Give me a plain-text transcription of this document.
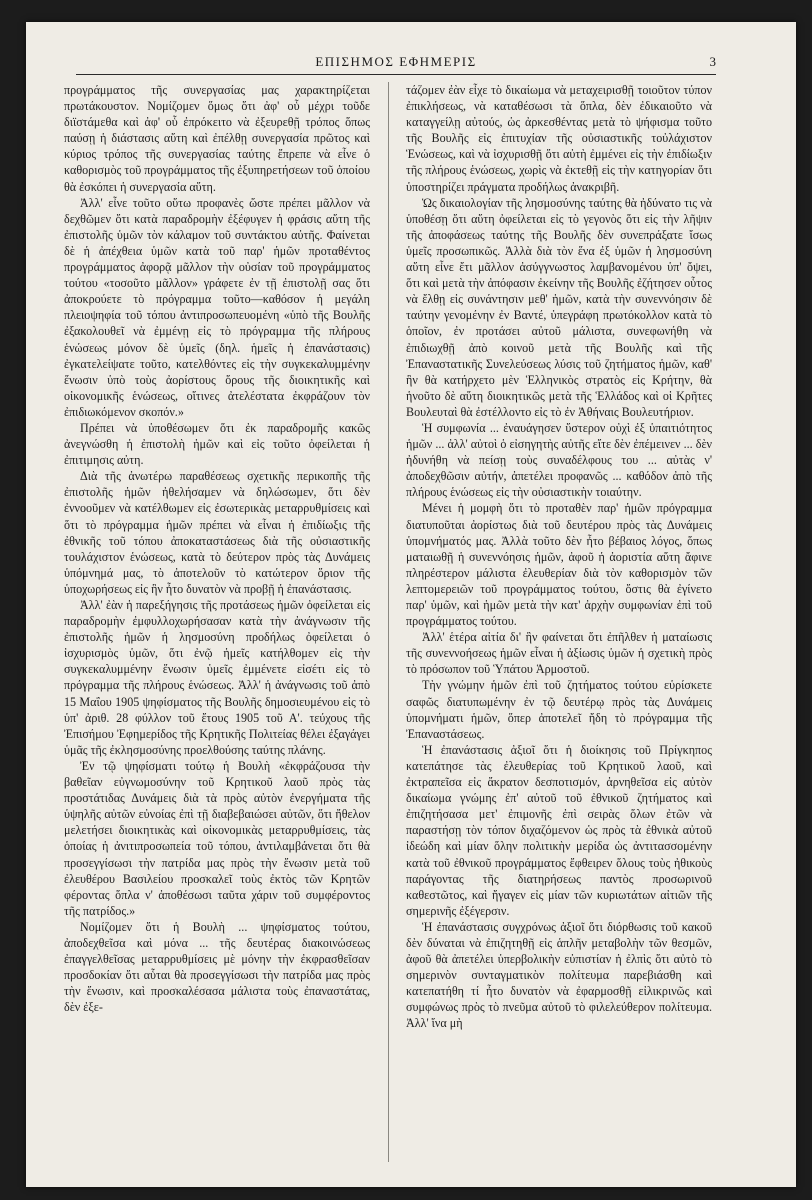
ΕΠΙΣΗΜΟΣ ΕΦΗΜΕΡΙΣ	3

προγράμματος τῆς συνεργασίας μας χαρακτηρίζεται πρωτάκουστον. Νομίζομεν ὅμως ὅτι ἀφ' οὗ μέχρι τοῦδε διϊστάμεθα καὶ ἀφ' οὗ ἐπρόκειτο νὰ ἐξευρεθῇ τρόπος ὅπως παύσῃ ἡ διάστασις αὕτη καὶ ἐπέλθῃ συνεργασία πρῶτος καὶ κύριος τρόπος τῆς συνεργασίας ταύτης ἔπρεπε νὰ εἶνε ὁ καθορισμὸς τοῦ προγράμματος τῆς ἐξυπηρετήσεων τοῦ ὁποίου θὰ ἐσκόπει ἡ συνεργασία αὕτη.

Ἀλλ' εἶνε τοῦτο οὕτω προφανὲς ὥστε πρέπει μᾶλλον νὰ δεχθῶμεν ὅτι κατὰ παραδρομὴν ἐξέφυγεν ἡ φράσις αὕτη τῆς ἐπιστολῆς ὑμῶν τὸν κάλαμον τοῦ συντάκτου αὐτῆς. Φαίνεται δὲ ἡ ἀπέχθεια ὑμῶν κατὰ τοῦ παρ' ἡμῶν προταθέντος προγράμματος ἀφορᾷ μᾶλλον τὴν οὐσίαν τοῦ προγράμματος τούτου «τοσοῦτο μᾶλλον» γράφετε ἐν τῇ ἐπιστολῇ σας ὅτι ἀποκρούετε τὸ πρόγραμμα τοῦτο—καθόσον ἡ μεγάλη πλειοψηφία τοῦ τόπου ἀντιπροσωπευομένη «ὑπὸ τῆς Βουλῆς ἐξακολουθεῖ νὰ ἐμμένῃ εἰς τὸ πρόγραμμα τῆς πλήρους ἑνώσεως μόνον δὲ ὑμεῖς (δηλ. ἡμεῖς ἡ ἐπανάστασις) ἐγκατελείψατε τοῦτο, κατελθόντες εἰς τὴν συγκεκαλυμμένην ἕνωσιν ὑπὸ τοὺς ἀορίστους ὅρους τῆς διοικητικῆς καὶ οἰκονομικῆς ἑνώσεως, οἵτινες ἀτελέστατα ἐκφράζουν τὸν ἐπιδιωκόμενον σκοπόν.»

Πρέπει νὰ ὑποθέσωμεν ὅτι ἐκ παραδρομῆς κακῶς ἀνεγνώσθη ἡ ἐπιστολὴ ἡμῶν καὶ εἰς τοῦτο ὀφείλεται ἡ ἐπιτιμησις αὐτη.

Διὰ τῆς ἀνωτέρω παραθέσεως σχετικῆς περικοπῆς τῆς ἐπιστολῆς ἡμῶν ἠθελήσαμεν νὰ δηλώσωμεν, ὅτι δὲν ἐννοοῦμεν νὰ κατέλθωμεν εἰς ἐσωτερικὰς μεταρρυθμίσεις καὶ ὅτι τὸ πρόγραμμα ἡμῶν πρέπει νὰ εἶναι ἡ ἐπιδίωξις τῆς ἐθνικῆς τοῦ τόπου ἀποκαταστάσεως διὰ τῆς οὐσιαστικῆς τουλάχιστον ἑνώσεως, κατὰ τὸ δεύτερον πρὸς τὰς Δυνάμεις ὑπόμνημά μας, τὸ ἀποτελοῦν τὸ κατώτερον ὅριον τῆς ὑποχωρήσεως εἰς ἣν ἦτο δυνατὸν νὰ προβῇ ἡ ἐπανάστασις.

Ἀλλ' ἐὰν ἡ παρεξήγησις τῆς προτάσεως ἡμῶν ὀφείλεται εἰς παραδρομὴν ἐμφυλλοχωρήσασαν κατὰ τὴν ἀνάγνωσιν τῆς ἐπιστολῆς ἡμῶν ἡ λησμοσύνη προδήλως ὀφείλεται ὁ ἰσχυρισμὸς ὑμῶν, ὅτι ἐνῷ ἡμεῖς κατήλθομεν εἰς τὴν συγκεκαλυμμένην ἕνωσιν ὑμεῖς ἐμμένετε εἰσέτι εἰς τὸ πρόγραμμα τῆς πλήρους ἑνώσεως. Ἀλλ' ἡ ἀνάγνωσις τοῦ ἀπὸ 15 Μαΐου 1905 ψηφίσματος τῆς Βουλῆς δημοσιευμένου εἰς τὸ ὑπ' ἀριθ. 28 φύλλον τοῦ ἔτους 1905 τοῦ Α'. τεύχους τῆς Ἐπισήμου Ἐφημερίδος τῆς Κρητικῆς Πολιτείας θέλει ἐξαγάγει ὑμᾶς τῆς ἐκλησμοσύνης προελθούσης ταύτης πλάνης.

Ἐν τῷ ψηφίσματι τούτῳ ἡ Βουλὴ «ἐκφράζουσα τὴν βαθεῖαν εὐγνωμοσύνην τοῦ Κρητικοῦ λαοῦ πρὸς τὰς προστάτιδας Δυνάμεις διὰ τὰ πρὸς αὐτὸν ἐνεργήματα τῆς ὑψηλῆς αὐτῶν εὐνοίας ἐπὶ τῇ διαβεβαιώσει αὐτῶν, ὅτι ἤθελον μελετήσει διοικητικὰς καὶ οἰκονομικὰς μεταρρυθμίσεις, τὰς ὁποίας ἡ ἀνιτιπροσωπεία τοῦ τόπου, ἀντιλαμβάνεται ὅτι θὰ προσεγγίσωσι τὴν πατρίδα μας πρὸς τὴν ἕνωσιν μετὰ τοῦ ἐλευθέρου Βασιλείου προσκαλεῖ τοὺς ἐκτὸς τῶν Κρητῶν φέροντας ὅπλα ν' ἀποθέσωσι ταῦτα χάριν τοῦ συμφέροντος τῆς πατρίδος.»

Νομίζομεν ὅτι ἡ Βουλὴ ... ψηφίσματος τούτου, ἀποδεχθεῖσα καὶ μόνα ... τῆς δευτέρας διακοινώσεως ἐπαγγελθεῖσας μεταρρυθμίσεις μὲ μόνην τὴν ἐκφρασθεῖσαν προσδοκίαν ὅτι αὗται θὰ προσεγγίσωσι τὴν πατρίδα μας πρὸς τὴν ἕνωσιν, καὶ προσκαλέσασα μάλιστα τοὺς ἐπαναστάτας, δὲν ἐξε-

τάζομεν ἐὰν εἶχε τὸ δικαίωμα νὰ μεταχειρισθῇ τοιοῦτον τύπον ἐπικλήσεως, νὰ καταθέσωσι τὰ ὅπλα, δὲν ἐδικαιοῦτο νὰ καταγγείλῃ αὐτούς, ὡς ἀρκεσθέντας μετὰ τὸ ψήφισμα τοῦτο τῆς Βουλῆς εἰς ἐπιτυχίαν τῆς οὐσιαστικῆς τοὐλάχιστον Ἑνώσεως, καὶ νὰ ἰσχυρισθῇ ὅτι αὐτὴ ἐμμένει εἰς τὴν ἐπιδίωξιν τῆς πλήρους ἑνώσεως, χωρὶς νὰ ἐκτεθῇ εἰς τὴν κατηγορίαν ὅτι ὑποστηρίζει πράγματα προδήλως ἀνακριβῆ.

Ὡς δικαιολογίαν τῆς λησμοσύνης ταύτης θὰ ἠδύνατο τις νὰ ὑποθέσῃ ὅτι αὕτη ὀφείλεται εἰς τὸ γεγονὸς ὅτι εἰς τὴν λῆψιν τῆς ἀποφάσεως ταύτης τῆς Βουλῆς δὲν συνεπράξατε ἴσως ὑμεῖς προσωπικῶς. Ἀλλὰ διὰ τὸν ἕνα ἐξ ὑμῶν ἡ λησμοσύνη αὕτη εἶνε ἔτι μᾶλλον ἀσύγγνωστος λαμβανομένου ὑπ' ὄψει, ὅτι καὶ μετὰ τὴν ἀπόφασιν ἐκείνην τῆς Βουλῆς ἐζήτησεν οὗτος νὰ ἔλθῃ εἰς συνάντησιν μεθ' ἡμῶν, κατὰ τὴν συνεννόησιν δὲ ταύτην γενομένην ἐν Βαντέ, ὑπεγράφη πρωτόκολλον κατὰ τὸ ὁποῖον, ἐν προτάσει αὐτοῦ μάλιστα, συνεφωνήθη νὰ ἐπιδιωχθῇ ἀπὸ κοινοῦ μετὰ τῆς Βουλῆς καὶ τῆς Ἐπαναστατικῆς Συνελεύσεως λύσις τοῦ ζητήματος ἡμῶν, καθ' ἣν θὰ κατήρχετο μὲν Ἑλληνικὸς στρατὸς εἰς Κρήτην, θὰ ἡνοῦτο δὲ αὕτη διοικητικῶς μετὰ τῆς Ἑλλάδος καὶ οἱ Κρῆτες Βουλευταὶ θὰ ἐστέλλοντο εἰς τὸ ἐν Ἀθήναις Βουλευτήριον.

Ἡ συμφωνία ... ἐναυάγησεν ὕστερον οὐχὶ ἐξ ὑπαιτιότητος ἡμῶν ... ἀλλ' αὐτοὶ ὁ εἰσηγητὴς αὐτῆς εἴτε δὲν ἐπέμεινεν ... δὲν ἠδυνήθη νὰ πείσῃ τοὺς συναδέλφους του ... αὐτὰς ν' ἀποδεχθῶσιν αὐτήν, ἀπετέλει προφανῶς ... καθόδον ἀπὸ τῆς πλήρους ἑνώσεως εἰς τὴν οὐσιαστικὴν τοιαύτην.

Μένει ἡ μομφὴ ὅτι τὸ προταθὲν παρ' ἡμῶν πρόγραμμα διατυποῦται ἀορίστως διὰ τοῦ δευτέρου πρὸς τὰς Δυνάμεις ὑπομνήματός μας. Ἀλλὰ τοῦτο δὲν ἦτο βέβαιος λόγος, ὅπως ματαιωθῇ ἡ συνεννόησις ἡμῶν, ἀφοῦ ἡ ἀοριστία αὕτη ἄφινε πληρέστερον μάλιστα ἐλευθερίαν διὰ τὸν καθορισμὸν τῶν λεπτομερειῶν τοῦ προγράμματος τούτου, ὅστις θὰ ἐγίνετο παρ' ὑμῶν, καὶ ἡμῶν μετὰ τὴν κατ' ἀρχὴν συμφωνίαν ἐπὶ τοῦ προγράμματος τούτου.

Ἀλλ' ἑτέρα αἰτία δι' ἣν φαίνεται ὅτι ἐπῆλθεν ἡ ματαίωσις τῆς συνεννοήσεως ἡμῶν εἶναι ἡ ἀξίωσις ὑμῶν ἡ σχετικὴ πρὸς τὸ πρόσωπον τοῦ Ὑπάτου Ἁρμοστοῦ.

Τὴν γνώμην ἡμῶν ἐπὶ τοῦ ζητήματος τούτου εὑρίσκετε σαφῶς διατυπωμένην ἐν τῷ δευτέρῳ πρὸς τὰς Δυνάμεις ὑπομνήματι ἡμῶν, ὅπερ ἀποτελεῖ ἤδη τὸ πρόγραμμα τῆς Ἐπαναστάσεως.

Ἡ ἐπανάστασις ἀξιοῖ ὅτι ἡ διοίκησις τοῦ Πρίγκηπος κατεπάτησε τὰς ἐλευθερίας τοῦ Κρητικοῦ λαοῦ, καὶ ἐκτραπεῖσα εἰς ἄκρατον δεσποτισμόν, ἀρνηθεῖσα εἰς αὐτὸν δικαίωμα γνώμης ἐπ' αὐτοῦ τοῦ ἐθνικοῦ ζητήματος καὶ ἐπιζητήσασα μετ' ἐπιμονῆς ἐπὶ σειρὰς ὅλων ἐτῶν νὰ παραστήσῃ τὸν τόπον διχαζόμενον ὡς πρὸς τὰ ἐθνικὰ αὐτοῦ ἰδεώδη καὶ μίαν ὅλην πολιτικὴν μερίδα ὡς ἀντιτασσομένην κατὰ τοῦ ἐθνικοῦ προγράμματος ἔφθειρεν ὅλους τοὺς ἠθικοὺς παράγοντας τῆς διατηρήσεως παντὸς προσωρινοῦ καθεστῶτος, καὶ ἤγαγεν εἰς μίαν τῶν κυριωτάτων αἰτιῶν τῆς σημερινῆς ἐξέγερσιν.

Ἡ ἐπανάστασις συγχρόνως ἀξιοῖ ὅτι διόρθωσις τοῦ κακοῦ δὲν δύναται νὰ ἐπιζητηθῇ εἰς ἁπλῆν μεταβολὴν τῶν θεσμῶν, ἀφοῦ θὰ ἀπετέλει ὑπερβολικὴν εὐπιστίαν ἡ ἐλπὶς ὅτι αὐτὸ τὸ σημερινὸν συνταγματικὸν πολίτευμα παρεβιάσθη καὶ κατεπατήθη τί ἦτο δυνατὸν νὰ ἐφαρμοσθῇ εἰλικρινῶς καὶ συμφώνως πρὸς τὸ πνεῦμα αὐτοῦ τὸ φιλελεύθερον πολίτευμα. Ἀλλ' ἵνα μὴ
